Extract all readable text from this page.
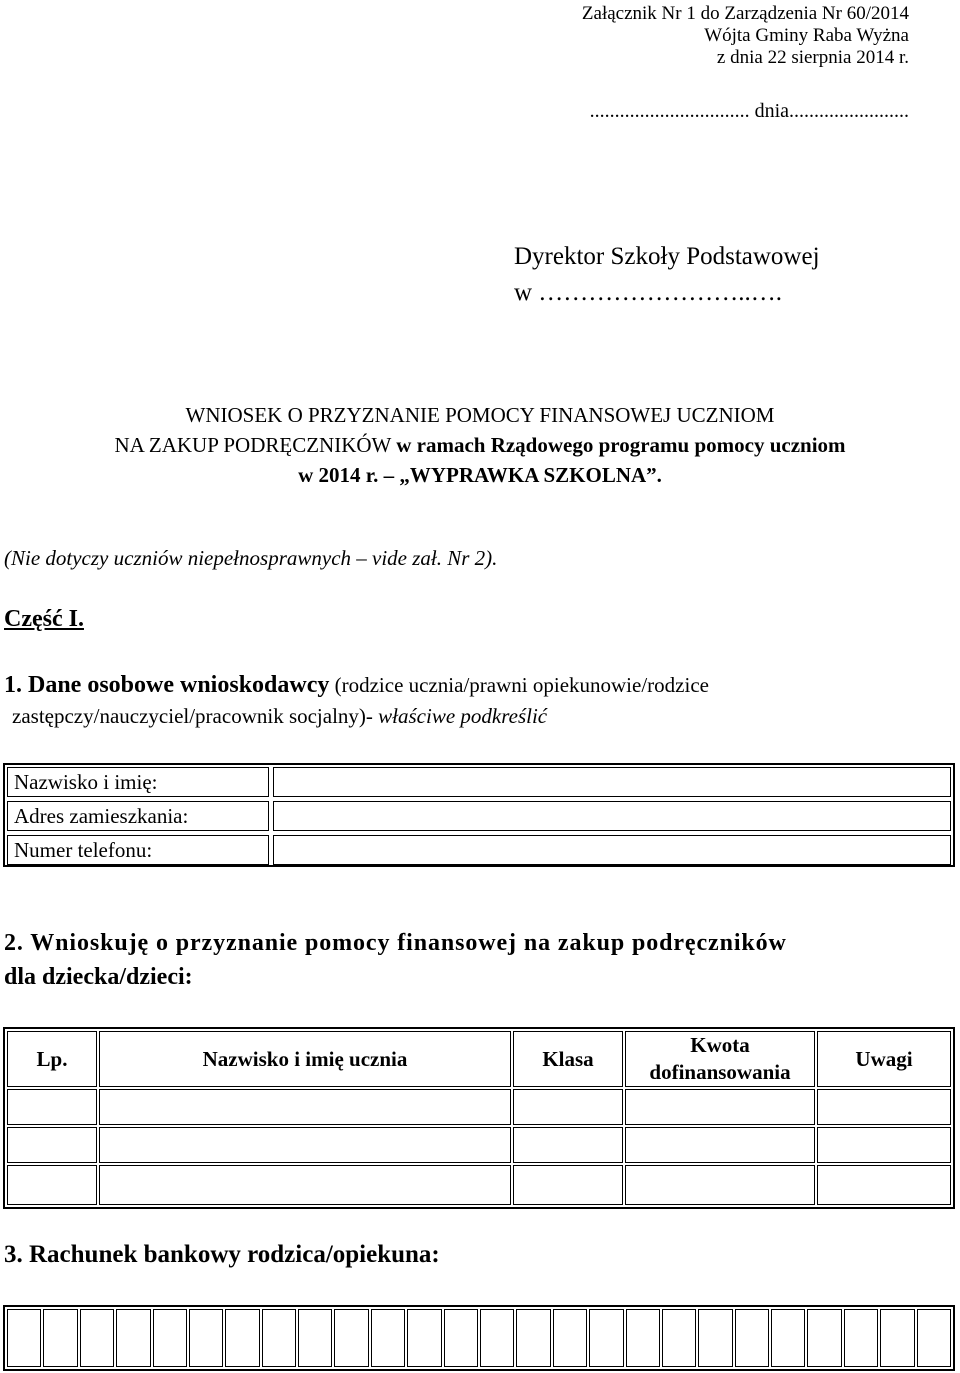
Załącznik Nr 1 do Zarządzenia Nr 60/2014
Wójta Gminy Raba Wyżna
z dnia 22 sierpnia 2014 r.
................................ dnia........................
Dyrektor Szkoły Podstawowej
w ……………………..….
WNIOSEK O PRZYZNANIE POMOCY FINANSOWEJ UCZNIOM
NA ZAKUP PODRĘCZNIKÓW w ramach Rządowego programu pomocy uczniom
w 2014 r. – „WYPRAWKA SZKOLNA”.
(Nie dotyczy uczniów niepełnosprawnych – vide zał. Nr 2).
Część I.
1. Dane osobowe wnioskodawcy (rodzice ucznia/prawni opiekunowie/rodzice
zastępczy/nauczyciel/pracownik socjalny)- właściwe podkreślić
Nazwisko i imię:
Adres zamieszkania:
Numer telefonu:
2. Wnioskuję o przyznanie pomocy finansowej na zakup podręczników
dla dziecka/dzieci:
Lp.	Nazwisko i imię ucznia	Klasa
Kwota
dofinansowania
Uwagi
3. Rachunek bankowy rodzica/opiekuna:
